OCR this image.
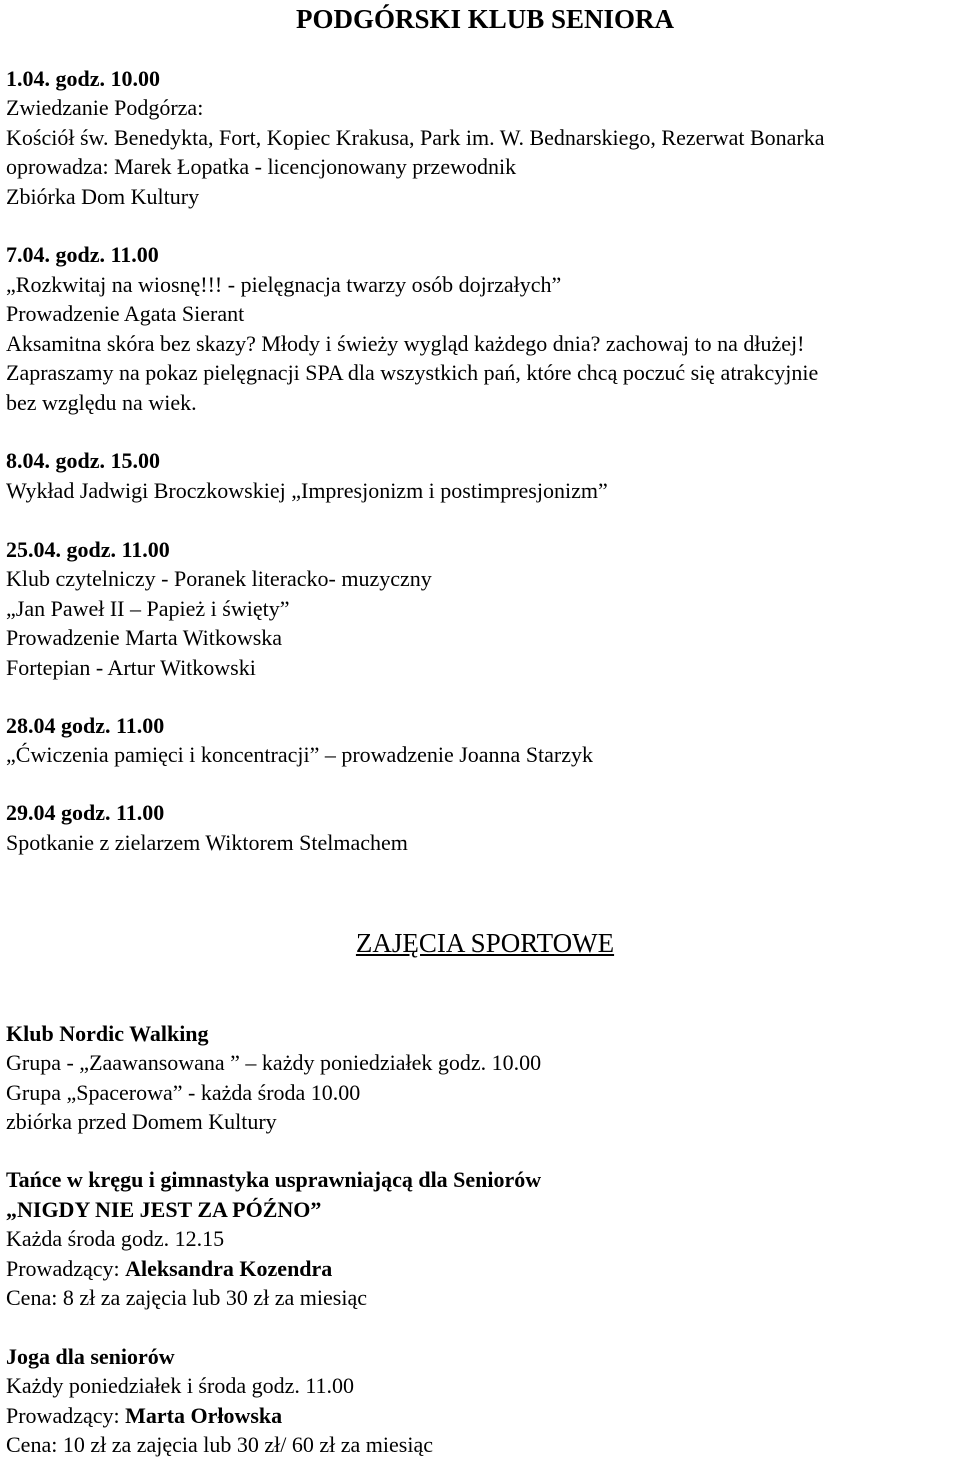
PODGÓRSKI KLUB SENIORA
1.04. godz. 10.00
Zwiedzanie Podgórza:
Kościół św. Benedykta, Fort, Kopiec Krakusa, Park im. W. Bednarskiego, Rezerwat Bonarka
oprowadza: Marek Łopatka - licencjonowany przewodnik
Zbiórka Dom Kultury
7.04. godz. 11.00
„Rozkwitaj na wiosnę!!! - pielęgnacja twarzy osób dojrzałych”
Prowadzenie Agata Sierant
Aksamitna skóra bez skazy? Młody i świeży wygląd każdego dnia? zachowaj to na dłużej!
Zapraszamy na pokaz pielęgnacji SPA dla wszystkich pań, które chcą poczuć się atrakcyjnie
bez względu na wiek.
8.04. godz. 15.00
Wykład Jadwigi Broczkowskiej „Impresjonizm i postimpresjonizm”
25.04. godz. 11.00
Klub czytelniczy - Poranek literacko- muzyczny
„Jan Paweł II – Papież i święty”
Prowadzenie Marta Witkowska
Fortepian - Artur Witkowski
28.04 godz. 11.00
„Ćwiczenia pamięci i koncentracji” – prowadzenie Joanna Starzyk
29.04 godz. 11.00
Spotkanie z zielarzem Wiktorem Stelmachem
ZAJĘCIA SPORTOWE
Klub Nordic Walking
Grupa - „Zaawansowana ” – każdy poniedziałek godz. 10.00
Grupa „Spacerowa” - każda środa 10.00
zbiórka przed Domem Kultury
Tańce w kręgu i gimnastyka usprawniającą dla Seniorów
„NIGDY NIE JEST ZA PÓŹNO”
Każda środa godz. 12.15
Prowadzący: Aleksandra Kozendra
Cena: 8 zł za zajęcia lub 30 zł za miesiąc
Joga dla seniorów
Każdy poniedziałek i środa godz. 11.00
Prowadzący: Marta Orłowska
Cena: 10 zł za zajęcia lub 30 zł/ 60 zł za miesiąc
